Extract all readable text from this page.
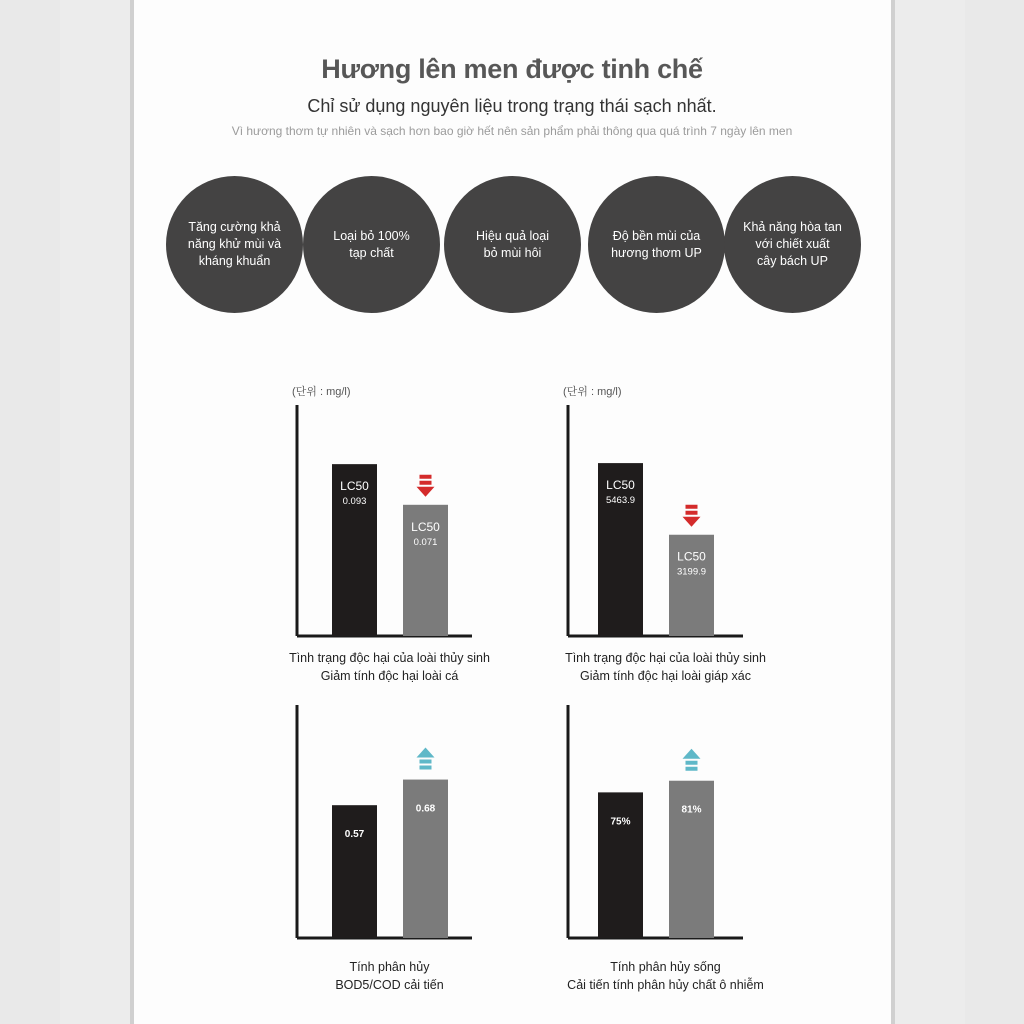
Hương lên men được tinh chế
Chỉ sử dụng nguyên liệu trong trạng thái sạch nhất.
Vì hương thơm tự nhiên và sạch hơn bao giờ hết nên sản phẩm phải thông qua quá trình 7 ngày lên men
Tăng cường khả
năng khử mùi và
kháng khuẩn
Loại bỏ 100%
tạp chất
Hiệu quả loại
bỏ mùi hôi
Độ bền mùi của
hương thơm UP
Khả năng hòa tan
với chiết xuất
cây bách UP
(단위 : mg/l)
LC50
0.093
LC50
0.071
Tình trạng độc hại của loài thủy sinh
Giảm tính độc hại loài cá
(단위 : mg/l)
LC50
5463.9
LC50
3199.9
Tình trạng độc hại của loài thủy sinh
Giảm tính độc hại loài giáp xác
0.57
0.68
Tính phân hủy
BOD5/COD cải tiến
75%
81%
Tính phân hủy sống
Cải tiến tính phân hủy chất ô nhiễm
